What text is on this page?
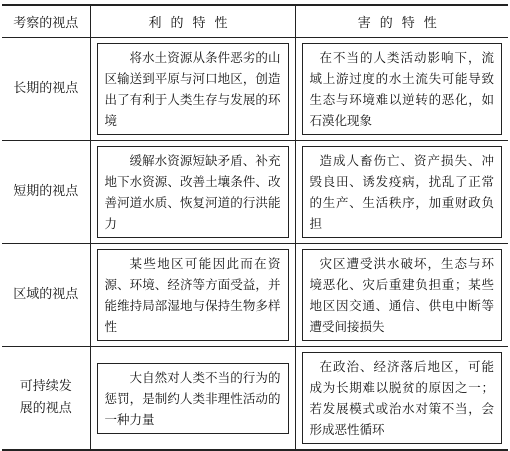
考察的视点	利的特性	害的特性
长期的视点	将水土资源从条件恶劣的山区输送到平原与河口地区，创造出了有利于人类生存与发展的环境	在不当的人类活动影响下，流域上游过度的水土流失可能导致生态与环境难以逆转的恶化，如石漠化现象

短期的视点	缓解水资源短缺矛盾、补充地下水资源、改善土壤条件、改善河道水质、恢复河道的行洪能力	造成人畜伤亡、资产损失、冲毁良田、诱发疫病，扰乱了正常的生产、生活秩序，加重财政负担

区域的视点	某些地区可能因此而在资源、环境、经济等方面受益，并能维持局部湿地与保持生物多样性	灾区遭受洪水破坏，生态与环境恶化、灾后重建负担重；某些地区因交通、通信、供电中断等遭受间接损失

可持续发展的视点	大自然对人类不当的行为的惩罚，是制约人类非理性活动的一种力量	在政治、经济落后地区，可能成为长期难以脱贫的原因之一；若发展模式或治水对策不当，会形成恶性循环
